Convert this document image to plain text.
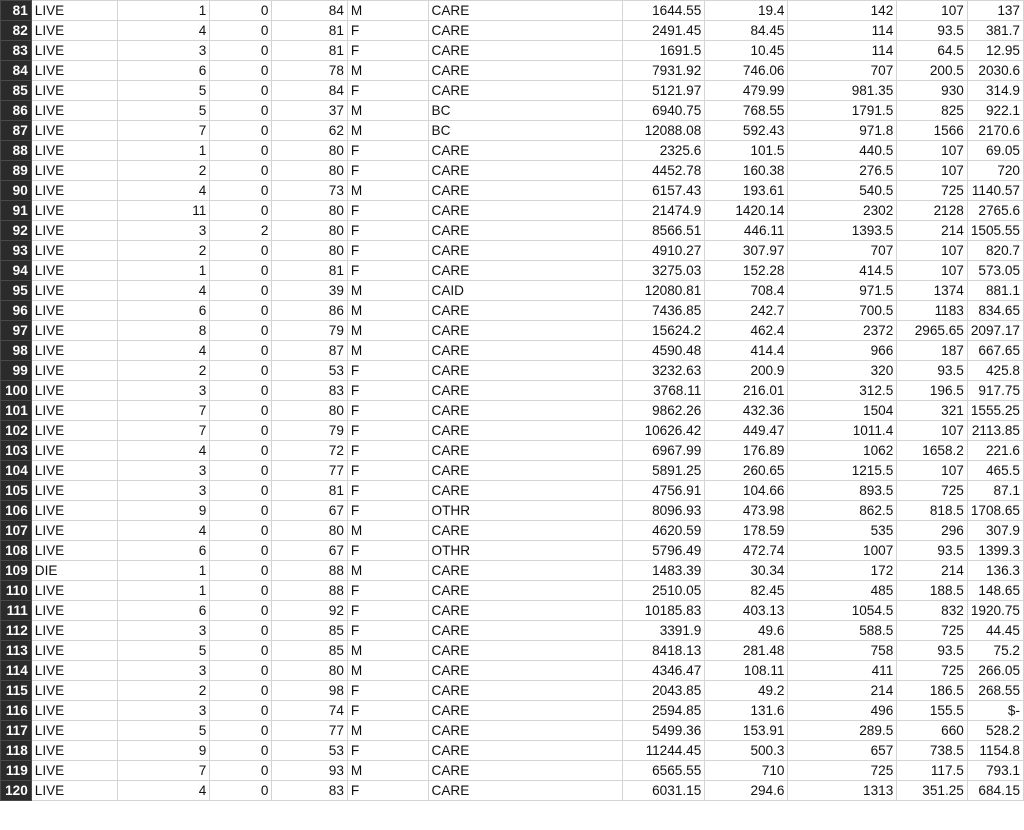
81	LIVE	1	0	84	M	CARE	1644.55	19.4	142	107	137
82	LIVE	4	0	81	F	CARE	2491.45	84.45	114	93.5	381.7
83	LIVE	3	0	81	F	CARE	1691.5	10.45	114	64.5	12.95
84	LIVE	6	0	78	M	CARE	7931.92	746.06	707	200.5	2030.6
85	LIVE	5	0	84	F	CARE	5121.97	479.99	981.35	930	314.9
86	LIVE	5	0	37	M	BC	6940.75	768.55	1791.5	825	922.1
87	LIVE	7	0	62	M	BC	12088.08	592.43	971.8	1566	2170.6
88	LIVE	1	0	80	F	CARE	2325.6	101.5	440.5	107	69.05
89	LIVE	2	0	80	F	CARE	4452.78	160.38	276.5	107	720
90	LIVE	4	0	73	M	CARE	6157.43	193.61	540.5	725	1140.57
91	LIVE	11	0	80	F	CARE	21474.9	1420.14	2302	2128	2765.6
92	LIVE	3	2	80	F	CARE	8566.51	446.11	1393.5	214	1505.55
93	LIVE	2	0	80	F	CARE	4910.27	307.97	707	107	820.7
94	LIVE	1	0	81	F	CARE	3275.03	152.28	414.5	107	573.05
95	LIVE	4	0	39	M	CAID	12080.81	708.4	971.5	1374	881.1
96	LIVE	6	0	86	M	CARE	7436.85	242.7	700.5	1183	834.65
97	LIVE	8	0	79	M	CARE	15624.2	462.4	2372	2965.65	2097.17
98	LIVE	4	0	87	M	CARE	4590.48	414.4	966	187	667.65
99	LIVE	2	0	53	F	CARE	3232.63	200.9	320	93.5	425.8
100	LIVE	3	0	83	F	CARE	3768.11	216.01	312.5	196.5	917.75
101	LIVE	7	0	80	F	CARE	9862.26	432.36	1504	321	1555.25
102	LIVE	7	0	79	F	CARE	10626.42	449.47	1011.4	107	2113.85
103	LIVE	4	0	72	F	CARE	6967.99	176.89	1062	1658.2	221.6
104	LIVE	3	0	77	F	CARE	5891.25	260.65	1215.5	107	465.5
105	LIVE	3	0	81	F	CARE	4756.91	104.66	893.5	725	87.1
106	LIVE	9	0	67	F	OTHR	8096.93	473.98	862.5	818.5	1708.65
107	LIVE	4	0	80	M	CARE	4620.59	178.59	535	296	307.9
108	LIVE	6	0	67	F	OTHR	5796.49	472.74	1007	93.5	1399.3
109	DIE	1	0	88	M	CARE	1483.39	30.34	172	214	136.3
110	LIVE	1	0	88	F	CARE	2510.05	82.45	485	188.5	148.65
111	LIVE	6	0	92	F	CARE	10185.83	403.13	1054.5	832	1920.75
112	LIVE	3	0	85	F	CARE	3391.9	49.6	588.5	725	44.45
113	LIVE	5	0	85	M	CARE	8418.13	281.48	758	93.5	75.2
114	LIVE	3	0	80	M	CARE	4346.47	108.11	411	725	266.05
115	LIVE	2	0	98	F	CARE	2043.85	49.2	214	186.5	268.55
116	LIVE	3	0	74	F	CARE	2594.85	131.6	496	155.5	$-
117	LIVE	5	0	77	M	CARE	5499.36	153.91	289.5	660	528.2
118	LIVE	9	0	53	F	CARE	11244.45	500.3	657	738.5	1154.8
119	LIVE	7	0	93	M	CARE	6565.55	710	725	117.5	793.1
120	LIVE	4	0	83	F	CARE	6031.15	294.6	1313	351.25	684.15
